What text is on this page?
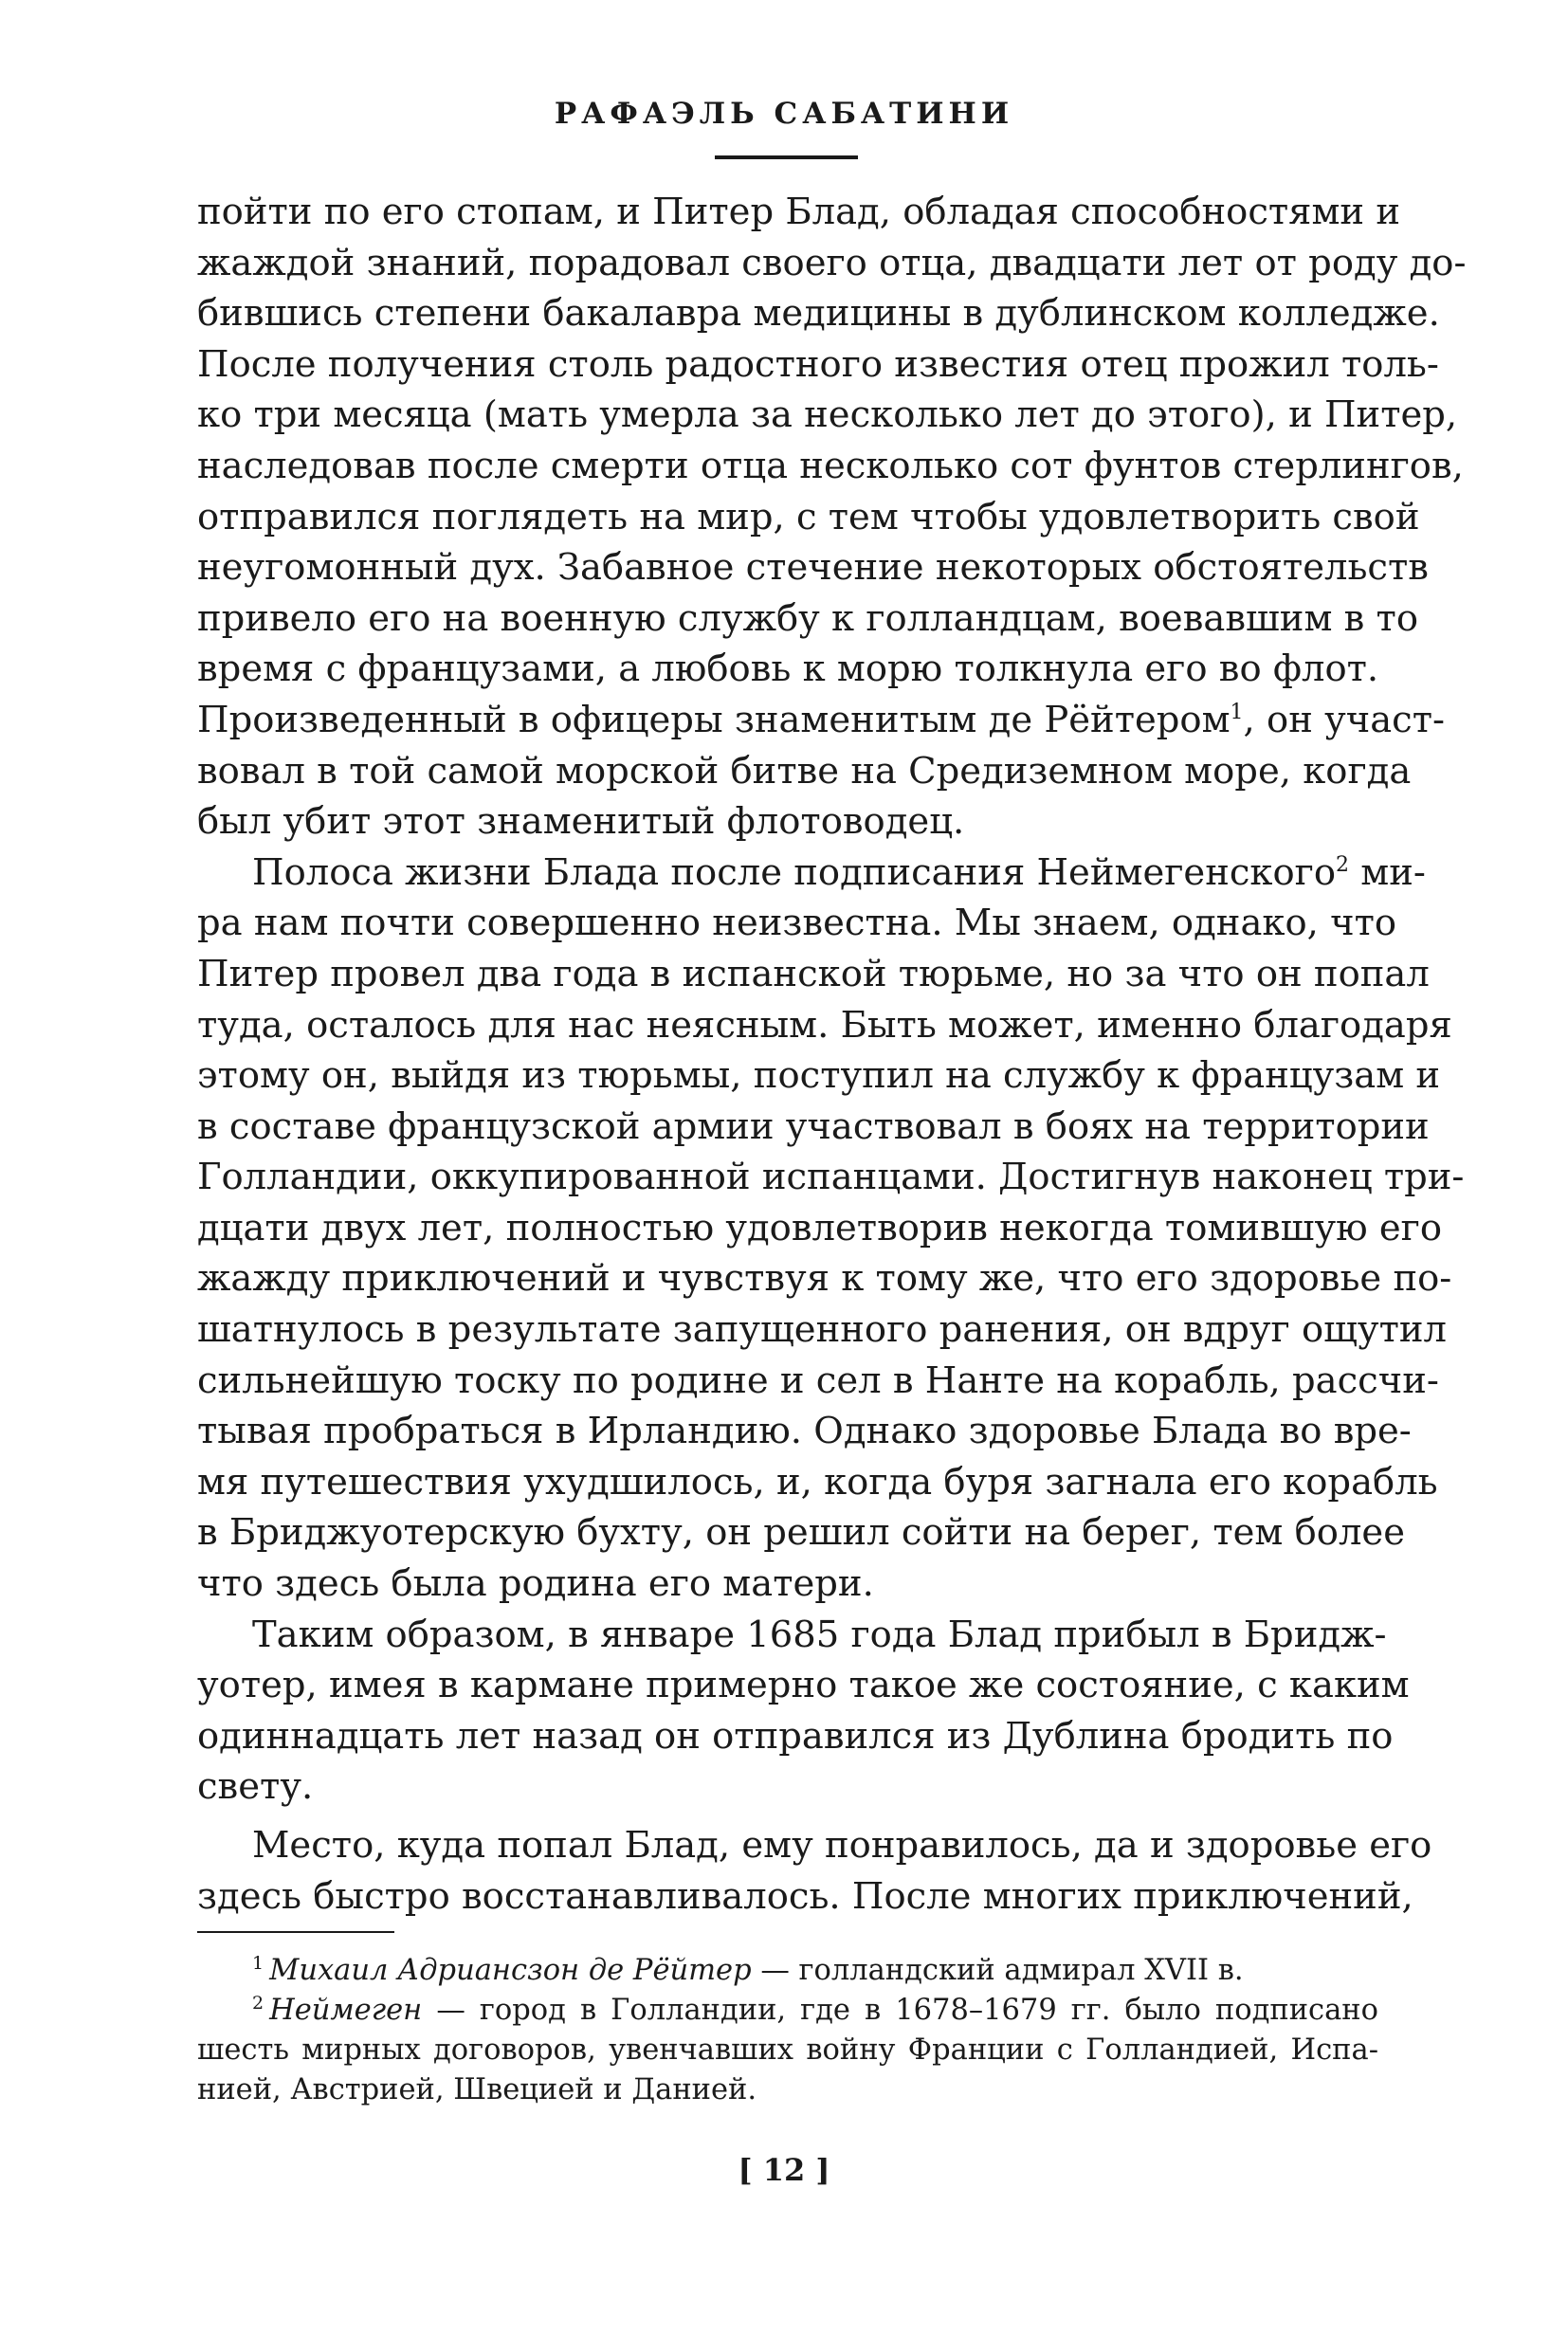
РАФАЭЛЬ САБАТИНИ

пойти по его стопам, и Питер Блад, обладая способностями и
жаждой знаний, порадовал своего отца, двадцати лет от роду до-
бившись степени бакалавра медицины в дублинском колледже.
После получения столь радостного известия отец прожил толь-
ко три месяца (мать умерла за несколько лет до этого), и Питер,
наследовав после смерти отца несколько сот фунтов стерлингов,
отправился поглядеть на мир, с тем чтобы удовлетворить свой
неугомонный дух. Забавное стечение некоторых обстоятельств
привело его на военную службу к голландцам, воевавшим в то
время с французами, а любовь к морю толкнула его во флот.
Произведенный в офицеры знаменитым де Рёйтером$^1$, он участ-
вовал в той самой морской битве на Средиземном море, когда
был убит этот знаменитый флотоводец.

Полоса жизни Блада после подписания Неймегенского$^2$ ми-
ра нам почти совершенно неизвестна. Мы знаем, однако, что
Питер провел два года в испанской тюрьме, но за что он попал
туда, осталось для нас неясным. Быть может, именно благодаря
этому он, выйдя из тюрьмы, поступил на службу к французам и
в составе французской армии участвовал в боях на территории
Голландии, оккупированной испанцами. Достигнув наконец три-
дцати двух лет, полностью удовлетворив некогда томившую его
жажду приключений и чувствуя к тому же, что его здоровье по-
шатнулось в результате запущенного ранения, он вдруг ощутил
сильнейшую тоску по родине и сел в Нанте на корабль, рассчи-
тывая пробраться в Ирландию. Однако здоровье Блада во вре-
мя путешествия ухудшилось, и, когда буря загнала его корабль
в Бриджуотерскую бухту, он решил сойти на берег, тем более
что здесь была родина его матери.

Таким образом, в январе 1685 года Блад прибыл в Бридж-
уотер, имея в кармане примерно такое же состояние, с каким
одиннадцать лет назад он отправился из Дублина бродить по
свету.

Место, куда попал Блад, ему понравилось, да и здоровье его
здесь быстро восстанавливалось. После многих приключений,

$^1$ Михаил Адриансзон де Рёйтер — голландский адмирал XVII в.
$^2$ Неймеген — город в Голландии, где в 1678–1679 гг. было подписано
шесть мирных договоров, увенчавших войну Франции с Голландией, Испа-
нией, Австрией, Швецией и Данией.
[ 12 ]
